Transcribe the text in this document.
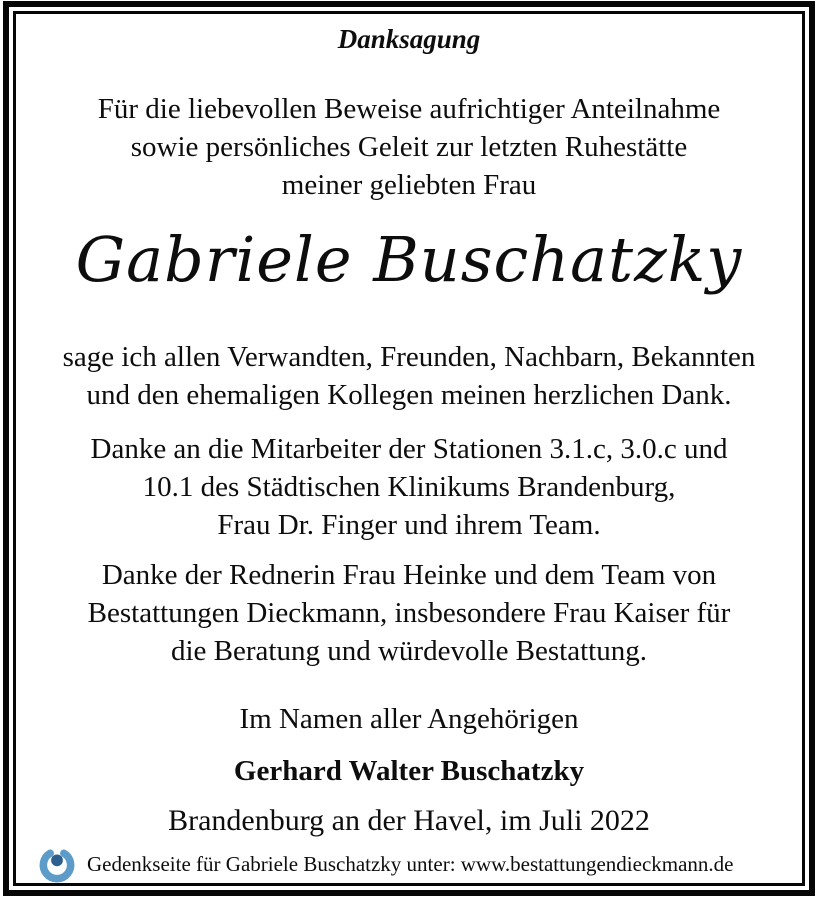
Danksagung
Für die liebevollen Beweise aufrichtiger Anteilnahme
sowie persönliches Geleit zur letzten Ruhestätte
meiner geliebten Frau
Gabriele Buschatzky
sage ich allen Verwandten, Freunden, Nachbarn, Bekannten
und den ehemaligen Kollegen meinen herzlichen Dank.
Danke an die Mitarbeiter der Stationen 3.1.c, 3.0.c und
10.1 des Städtischen Klinikums Brandenburg,
Frau Dr. Finger und ihrem Team.
Danke der Rednerin Frau Heinke und dem Team von
Bestattungen Dieckmann, insbesondere Frau Kaiser für
die Beratung und würdevolle Bestattung.
Im Namen aller Angehörigen
Gerhard Walter Buschatzky
Brandenburg an der Havel, im Juli 2022
Gedenkseite für Gabriele Buschatzky unter: www.bestattungendieckmann.de
